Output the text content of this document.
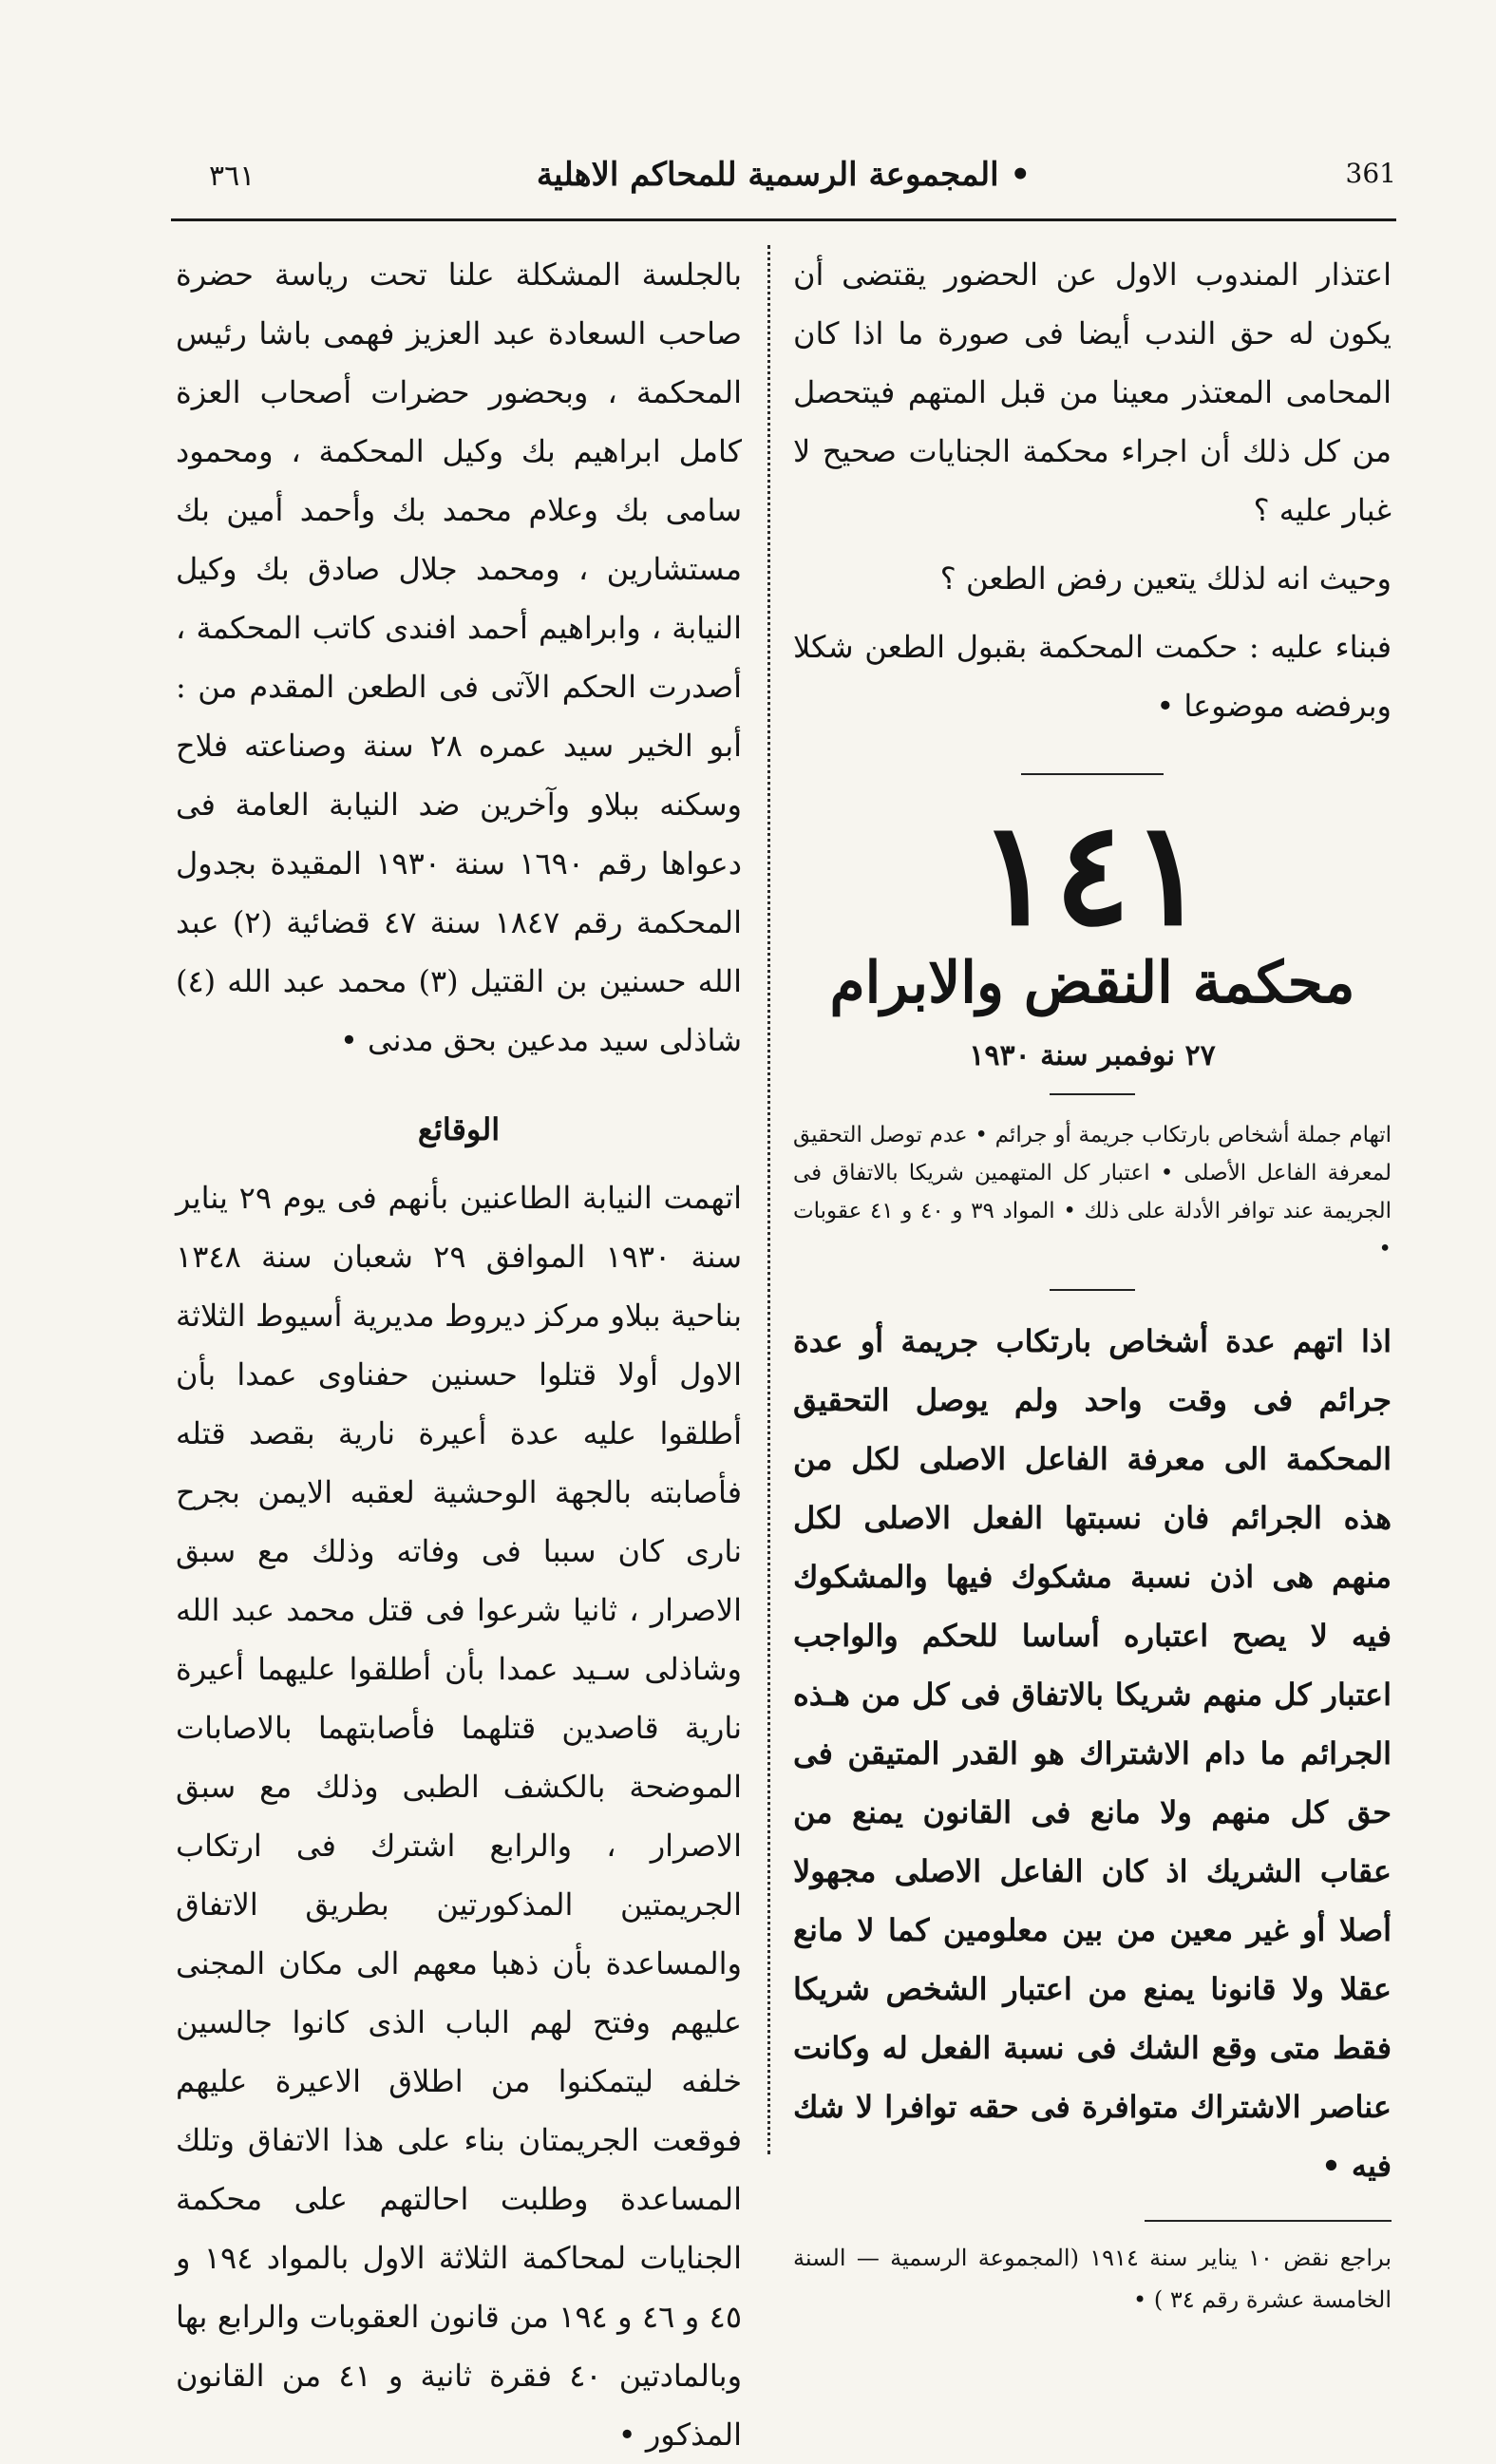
361
• المجموعة الرسمية للمحاكم الاهلية
٣٦١

اعتذار المندوب الاول عن الحضور يقتضى أن يكون له حق الندب أيضا فى صورة ما اذا كان المحامى المعتذر معينا من قبل المتهم فيتحصل من كل ذلك أن اجراء محكمة الجنايات صحيح لا غبار عليه ؟

وحيث انه لذلك يتعين رفض الطعن ؟

فبناء عليه : حكمت المحكمة بقبول الطعن شكلا وبرفضه موضوعا •

١٤١
محكمة النقض والابرام
٢٧ نوفمبر سنة ١٩٣٠

اتهام جملة أشخاص بارتكاب جريمة أو جرائم • عدم توصل التحقيق لمعرفة الفاعل الأصلى • اعتبار كل المتهمين شريكا بالاتفاق فى الجريمة عند توافر الأدلة على ذلك • المواد ٣٩ و ٤٠ و ٤١ عقوبات •

اذا اتهم عدة أشخاص بارتكاب جريمة أو عدة جرائم فى وقت واحد ولم يوصل التحقيق المحكمة الى معرفة الفاعل الاصلى لكل من هذه الجرائم فان نسبتها الفعل الاصلى لكل منهم هى اذن نسبة مشكوك فيها والمشكوك فيه لا يصح اعتباره أساسا للحكم والواجب اعتبار كل منهم شريكا بالاتفاق فى كل من هـذه الجرائم ما دام الاشتراك هو القدر المتيقن فى حق كل منهم ولا مانع فى القانون يمنع من عقاب الشريك اذ كان الفاعل الاصلى مجهولا أصلا أو غير معين من بين معلومين كما لا مانع عقلا ولا قانونا يمنع من اعتبار الشخص شريكا فقط متى وقع الشك فى نسبة الفعل له وكانت عناصر الاشتراك متوافرة فى حقه توافرا لا شك فيه •

براجع نقض ١٠ يناير سنة ١٩١٤ (المجموعة الرسمية — السنة الخامسة عشرة رقم ٣٤ ) •

بالجلسة المشكلة علنا تحت رياسة حضرة صاحب السعادة عبد العزيز فهمى باشا رئيس المحكمة ، وبحضور حضرات أصحاب العزة كامل ابراهيم بك وكيل المحكمة ، ومحمود سامى بك وعلام محمد بك وأحمد أمين بك مستشارين ، ومحمد جلال صادق بك وكيل النيابة ، وابراهيم أحمد افندى كاتب المحكمة ، أصدرت الحكم الآتى فى الطعن المقدم من : أبو الخير سيد عمره ٢٨ سنة وصناعته فلاح وسكنه ببلاو وآخرين ضد النيابة العامة فى دعواها رقم ١٦٩٠ سنة ١٩٣٠ المقيدة بجدول المحكمة رقم ١٨٤٧ سنة ٤٧ قضائية (٢) عبد الله حسنين بن القتيل (٣) محمد عبد الله (٤) شاذلى سيد مدعين بحق مدنى •

الوقائع

اتهمت النيابة الطاعنين بأنهم فى يوم ٢٩ يناير سنة ١٩٣٠ الموافق ٢٩ شعبان سنة ١٣٤٨ بناحية ببلاو مركز ديروط مديرية أسيوط الثلاثة الاول أولا قتلوا حسنين حفناوى عمدا بأن أطلقوا عليه عدة أعيرة نارية بقصد قتله فأصابته بالجهة الوحشية لعقبه الايمن بجرح نارى كان سببا فى وفاته وذلك مع سبق الاصرار ، ثانيا شرعوا فى قتل محمد عبد الله وشاذلى سـيد عمدا بأن أطلقوا عليهما أعيرة نارية قاصدين قتلهما فأصابتهما بالاصابات الموضحة بالكشف الطبى وذلك مع سبق الاصرار ، والرابع اشترك فى ارتكاب الجريمتين المذكورتين بطريق الاتفاق والمساعدة بأن ذهبا معهم الى مكان المجنى عليهم وفتح لهم الباب الذى كانوا جالسين خلفه ليتمكنوا من اطلاق الاعيرة عليهم فوقعت الجريمتان بناء على هذا الاتفاق وتلك المساعدة وطلبت احالتهم على محكمة الجنايات لمحاكمة الثلاثة الاول بالمواد ١٩٤ و ٤٥ و ٤٦ و ١٩٤ من قانون العقوبات والرابع بها وبالمادتين ٤٠ فقرة ثانية و ٤١ من القانون المذكور •
